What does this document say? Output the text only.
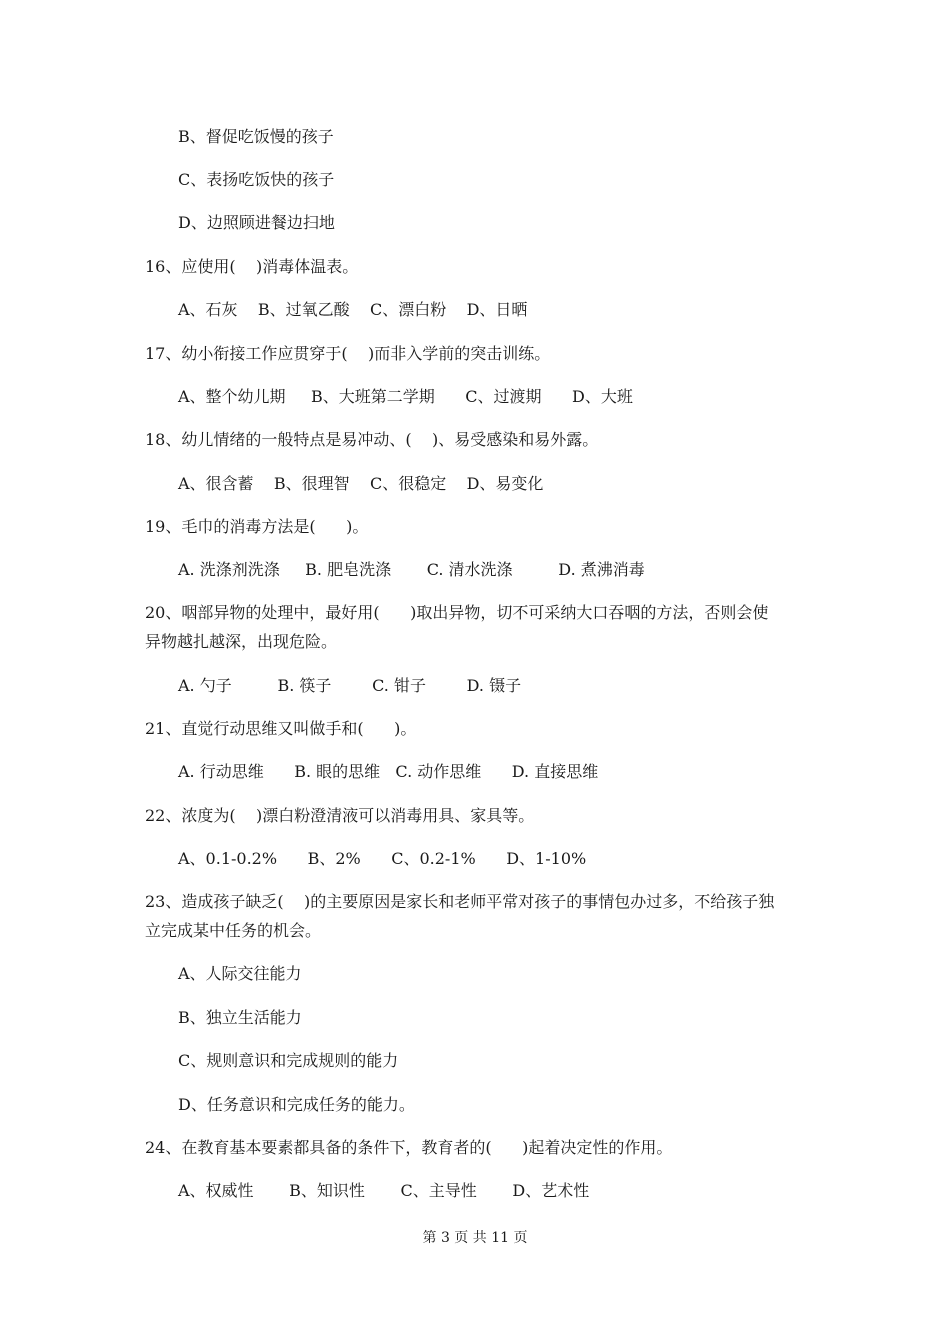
B、督促吃饭慢的孩子
C、表扬吃饭快的孩子
D、边照顾进餐边扫地
16、应使用(    )消毒体温表。
A、石灰    B、过氧乙酸    C、漂白粉    D、日晒
17、幼小衔接工作应贯穿于(    )而非入学前的突击训练。
A、整个幼儿期     B、大班第二学期      C、过渡期      D、大班
18、幼儿情绪的一般特点是易冲动、(    )、易受感染和易外露。
A、很含蓄    B、很理智    C、很稳定    D、易变化
19、毛巾的消毒方法是(      )。
A. 洗涤剂洗涤     B. 肥皂洗涤       C. 清水洗涤         D. 煮沸消毒
20、咽部异物的处理中，最好用(      )取出异物，切不可采纳大口吞咽的方法，否则会使
异物越扎越深，出现危险。
A. 勺子         B. 筷子        C. 钳子        D. 镊子
21、直觉行动思维又叫做手和(      )。
A. 行动思维      B. 眼的思维   C. 动作思维      D. 直接思维
22、浓度为(    )漂白粉澄清液可以消毒用具、家具等。
A、0.1-0.2%      B、2%      C、0.2-1%      D、1-10%
23、造成孩子缺乏(    )的主要原因是家长和老师平常对孩子的事情包办过多，不给孩子独
立完成某中任务的机会。
A、人际交往能力
B、独立生活能力
C、规则意识和完成规则的能力
D、任务意识和完成任务的能力。
24、在教育基本要素都具备的条件下，教育者的(      )起着决定性的作用。
A、权威性       B、知识性       C、主导性       D、艺术性
第 3 页 共 11 页
